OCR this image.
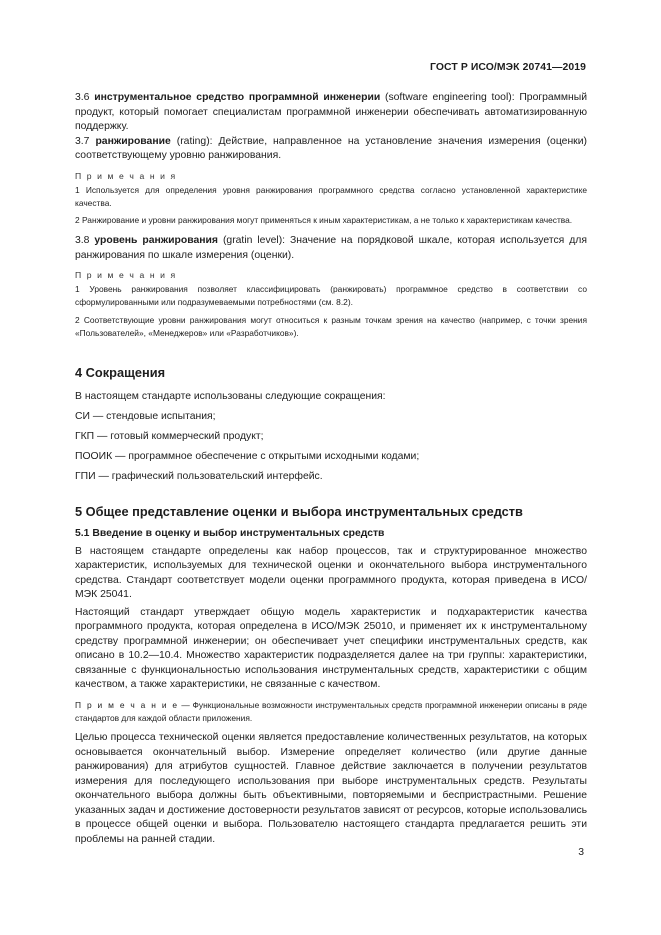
ГОСТ Р ИСО/МЭК 20741—2019

3.6 инструментальное средство программной инженерии (software engineering tool): Программный продукт, который помогает специалистам программной инженерии обеспечивать автоматизированную поддержку.

3.7 ранжирование (rating): Действие, направленное на установление значения измерения (оценки) соответствующему уровню ранжирования.

П р и м е ч а н и я

1 Используется для определения уровня ранжирования программного средства согласно установленной характеристике качества.

2 Ранжирование и уровни ранжирования могут применяться к иным характеристикам, а не только к характеристикам качества.

3.8 уровень ранжирования (gratin level): Значение на порядковой шкале, которая используется для ранжирования по шкале измерения (оценки).

П р и м е ч а н и я

1 Уровень ранжирования позволяет классифицировать (ранжировать) программное средство в соответствии со сформулированными или подразумеваемыми потребностями (см. 8.2).

2 Соответствующие уровни ранжирования могут относиться к разным точкам зрения на качество (например, с точки зрения «Пользователей», «Менеджеров» или «Разработчиков»).

4 Сокращения

В настоящем стандарте использованы следующие сокращения:

СИ — стендовые испытания;

ГКП — готовый коммерческий продукт;

ПООИК — программное обеспечение с открытыми исходными кодами;

ГПИ — графический пользовательский интерфейс.

5 Общее представление оценки и выбора инструментальных средств

5.1 Введение в оценку и выбор инструментальных средств

В настоящем стандарте определены как набор процессов, так и структурированное множество характеристик, используемых для технической оценки и окончательного выбора инструментального средства. Стандарт соответствует модели оценки программного продукта, которая приведена в ИСО/МЭК 25041.

Настоящий стандарт утверждает общую модель характеристик и подхарактеристик качества программного продукта, которая определена в ИСО/МЭК 25010, и применяет их к инструментальному средству программной инженерии; он обеспечивает учет специфики инструментальных средств, как описано в 10.2—10.4. Множество характеристик подразделяется далее на три группы: характеристики, связанные с функциональностью использования инструментальных средств, характеристики с общим качеством, а также характеристики, не связанные с качеством.

П р и м е ч а н и е — Функциональные возможности инструментальных средств программной инженерии описаны в ряде стандартов для каждой области приложения.

Целью процесса технической оценки является предоставление количественных результатов, на которых основывается окончательный выбор. Измерение определяет количество (или другие данные ранжирования) для атрибутов сущностей. Главное действие заключается в получении результатов измерения для последующего использования при выборе инструментальных средств. Результаты окончательного выбора должны быть объективными, повторяемыми и беспристрастными. Решение указанных задач и достижение достоверности результатов зависят от ресурсов, которые использовались в процессе общей оценки и выбора. Пользователю настоящего стандарта предлагается решить эти проблемы на ранней стадии.

3
